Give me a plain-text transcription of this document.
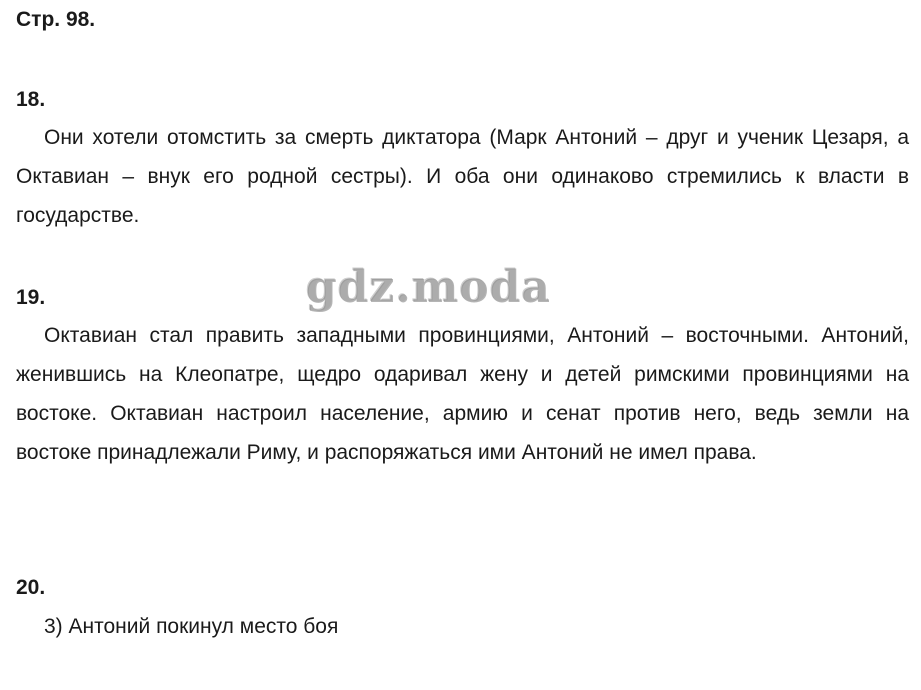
Стр. 98.
18.
Они хотели отомстить за смерть диктатора (Марк Антоний – друг и ученик Цезаря, а Октавиан – внук его родной сестры). И оба они одинаково стремились к власти в государстве.
19.
Октавиан стал править западными провинциями, Антоний – восточными. Антоний, женившись на Клеопатре, щедро одаривал жену и детей римскими провинциями на востоке. Октавиан настроил население, армию и сенат против него, ведь земли на востоке принадлежали Риму, и распоряжаться ими Антоний не имел права.
20.
3) Антоний покинул место боя
gdz.moda
